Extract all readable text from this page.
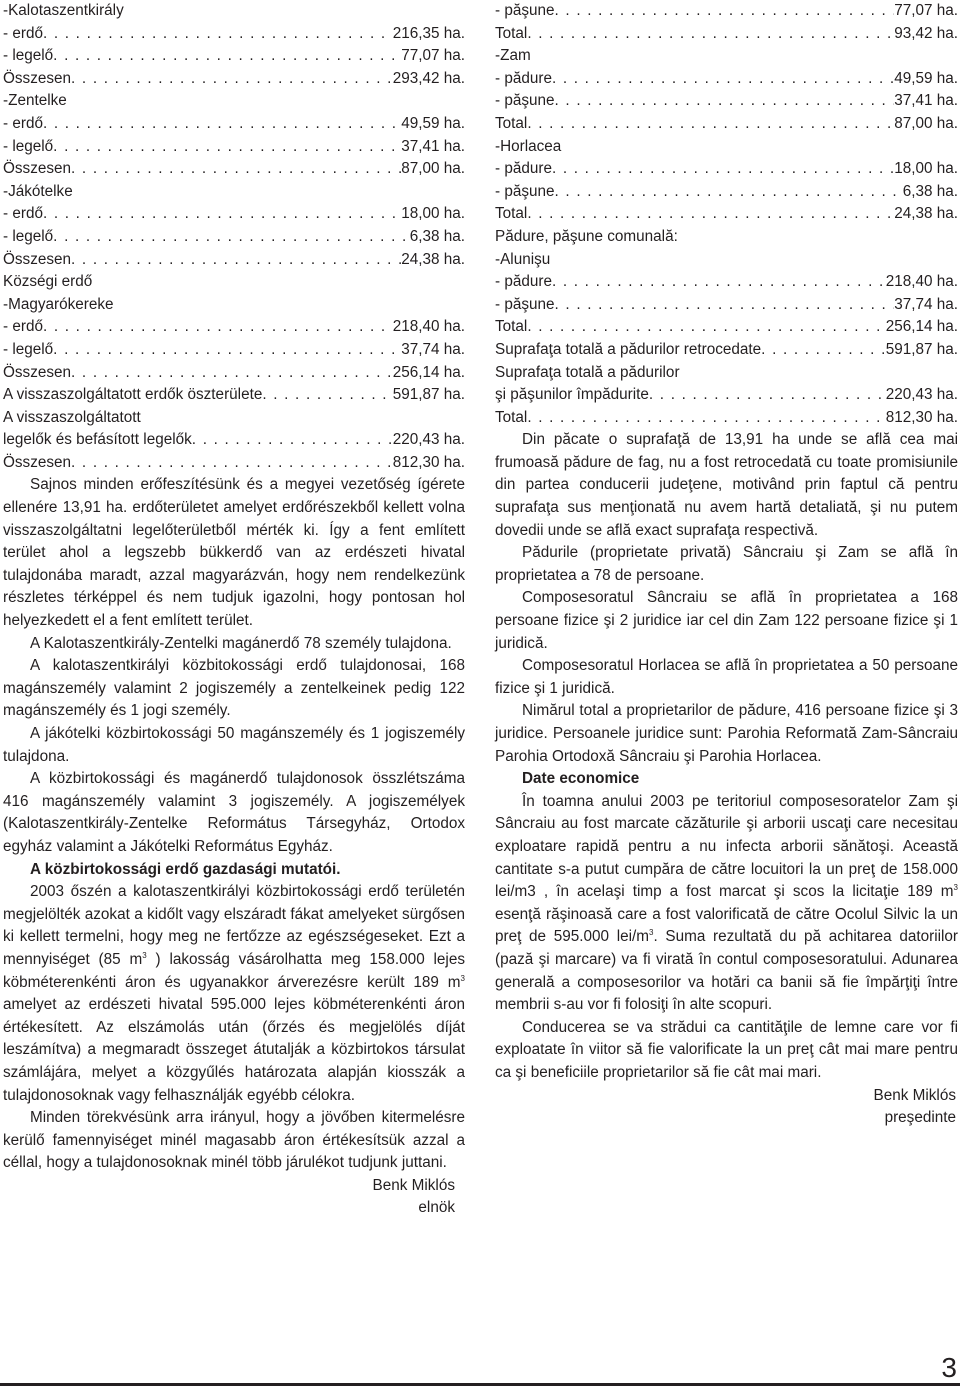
-Kalotaszentkirály
- erdő . . .	216,35 ha.
- legelő . . .	77,07 ha.
Összesen . . .	293,42 ha.
-Zentelke
- erdő . . .	49,59 ha.
- legelő . . .	37,41 ha.
Összesen . . .	87,00 ha.
-Jákótelke
- erdő . . .	18,00 ha.
- legelő . . .	6,38 ha.
Összesen . . .	24,38 ha.
Községi erdő
-Magyarókereke
- erdő . . .	218,40 ha.
- legelő . . .	37,74 ha.
Összesen . . .	256,14 ha.
A visszaszolgáltatott erdők öszterülete . . .	591,87 ha.
A visszaszolgáltatott
legelők és befásított legelők . . .	220,43 ha.
Összesen . . .	812,30 ha.

Sajnos minden erőfeszítésünk és a megyei vezetőség ígérete ellenére 13,91 ha. erdőterületet amelyet erdőrészekből kellett volna visszaszolgáltatni legelőterületből mérték ki. Így a fent említett terület ahol a legszebb bükkerdő van az erdészeti hivatal tulajdonába maradt, azzal magyarázván, hogy nem rendelkezünk részletes térképpel és nem tudjuk igazolni, hogy pontosan hol helyezkedett el a fent említett terület.

A Kalotaszentkirály-Zentelki magánerdő 78 személy tulajdona.

A kalotaszentkirályi közbitokossági erdő tulajdonosai, 168 magánszemély valamint 2 jogiszemély a zentelkeinek pedig 122 magánszemély és 1 jogi személy.

A jákótelki közbirtokossági 50 magánszemély és 1 jogiszemély tulajdona.

A közbirtokossági és magánerdő tulajdonosok összlétszáma 416 magánszemély valamint 3 jogiszemély. A jogiszemélyek (Kalotaszentkirály-Zentelke Református Társegyház, Ortodox egyház valamint a Jákótelki Református Egyház.

A közbirtokossági erdő gazdasági mutatói.

2003 őszén a kalotaszentkirályi közbirtokossági erdő területén megjelölték azokat a kidőlt vagy elszáradt fákat amelyeket sürgősen ki kellett termelni, hogy meg ne fertőzze az egészségeseket. Ezt a mennyiséget (85 $m^3$ ) lakosság vásárolhatta meg 158.000 lejes köbméterenkénti áron és ugyanakkor árverezésre került 189 $m^3$ amelyet az erdészeti hivatal 595.000 lejes köbméterenkénti áron értékesített. Az elszámolás után (őrzés és megjelölés díját leszámítva) a megmaradt összeget átutalják a közbirtokos társulat számlájára, melyet a közgyűlés határozata alapján kiosszák a tulajdonosoknak vagy felhasználják egyébb célokra.

Minden törekvésünk arra irányul, hogy a jövőben kitermelésre kerülő famennyiséget minél magasabb áron értékesítsük azzal a céllal, hogy a tulajdonosoknak minél több járulékot tudjunk juttani.

Benk Miklós
elnök
- păşune . . .	77,07 ha.
Total . . .	93,42 ha.
-Zam
- pădure . . .	49,59 ha.
- păşune . . .	37,41 ha.
Total . . .	87,00 ha.
-Horlacea
- pădure . . .	18,00 ha.
- păşune . . .	6,38 ha.
Total . . .	24,38 ha.
Pădure, păşune comunală:
-Alunişu
- pădure . . .	218,40 ha.
- păşune . . .	37,74 ha.
Total . . .	256,14 ha.
Suprafaţa totală a pădurilor retrocedate . . .	591,87 ha.
Suprafaţa totală a pădurilor
şi păşunilor împădurite . . .	220,43 ha.
Total . . .	812,30 ha.

Din păcate o suprafaţă de 13,91 ha unde se află cea mai frumoasă pădure de fag, nu a fost retrocedată cu toate promisiunile din partea conducerii judeţene, motivând prin faptul că pentru suprafaţa sus menţionată nu avem hartă detaliată, şi nu putem dovedii unde se află exact suprafaţa respectivă.

Pădurile (proprietate privată) Sâncraiu şi Zam se află în proprietatea a 78 de persoane.

Composesoratul Sâncraiu se află în proprietatea a 168 persoane fizice şi 2 juridice iar cel din Zam 122 persoane fizice şi 1 juridică.

Composesoratul Horlacea se află în proprietatea a 50 persoane fizice şi 1 juridică.

Nimărul total a proprietarilor de pădure, 416 persoane fizice şi 3 juridice. Persoanele juridice sunt: Parohia Reformată Zam-Sâncraiu Parohia Ortodoxă Sâncraiu şi Parohia Horlacea.

Date economice

În toamna anului 2003 pe teritoriul composesoratelor Zam şi Sâncraiu au fost marcate căzăturile şi arborii uscaţi care necesitau exploatare rapidă pentru a nu infecta arborii sănătoşi. Această cantitate s-a putut cumpăra de către locuitori la un preţ de 158.000 lei/m3 , în acelaşi timp a fost marcat şi scos la licitaţie 189 $m^3$ esenţă răşinoasă care a fost valorificată de către Ocolul Silvic la un preţ de 595.000 lei/$m^3$. Suma rezultată du pă achitarea datoriilor (pază şi marcare) va fi virată în contul composesoratului. Adunarea generală a composesorilor va hotări ca banii să fie împărţiţi între membrii s-au vor fi folosiţi în alte scopuri.

Conducerea se va strădui ca cantităţile de lemne care vor fi exploatate în viitor să fie valorificate la un preţ cât mai mare pentru ca şi beneficiile proprietarilor să fie cât mai mari.

Benk Miklós
preşedinte
3
